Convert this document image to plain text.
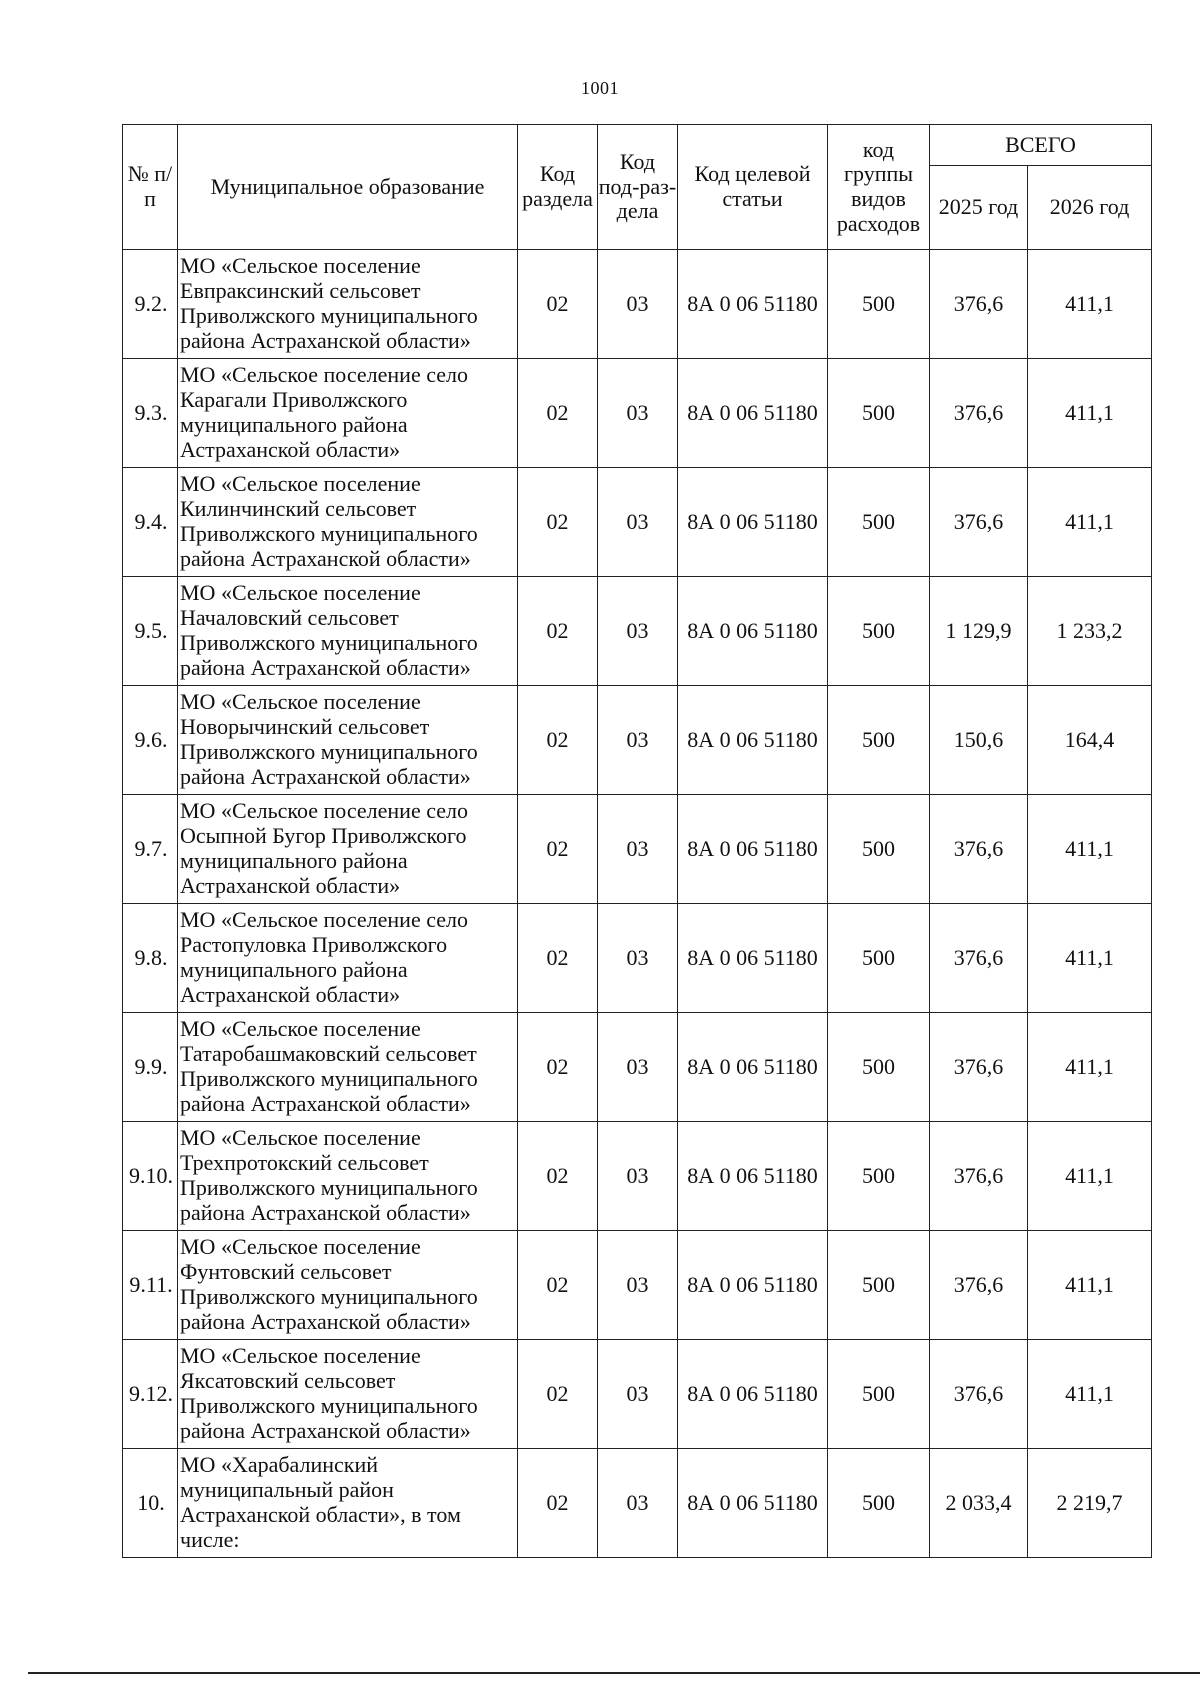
1001
№ п/п	Муниципальное образование	Код раздела	Код под-раз-дела	Код целевой статьи	код группы видов расходов	ВСЕГО	
						2025 год	2026 год
9.2.	МО «Сельское поселение Евпраксинский сельсовет Приволжского муниципального района Астраханской области»	02	03	8А 0 06 51180	500	376,6	411,1
9.3.	МО «Сельское поселение село Карагали Приволжского муниципального района Астраханской области»	02	03	8А 0 06 51180	500	376,6	411,1
9.4.	МО «Сельское поселение Килинчинский сельсовет Приволжского муниципального района Астраханской области»	02	03	8А 0 06 51180	500	376,6	411,1
9.5.	МО «Сельское поселение Началовский сельсовет Приволжского муниципального района Астраханской области»	02	03	8А 0 06 51180	500	1 129,9	1 233,2
9.6.	МО «Сельское поселение Новорычинский сельсовет Приволжского муниципального района Астраханской области»	02	03	8А 0 06 51180	500	150,6	164,4
9.7.	МО «Сельское поселение село Осыпной Бугор Приволжского муниципального района Астраханской области»	02	03	8А 0 06 51180	500	376,6	411,1
9.8.	МО «Сельское поселение село Растопуловка Приволжского муниципального района Астраханской области»	02	03	8А 0 06 51180	500	376,6	411,1
9.9.	МО «Сельское поселение Татаробашмаковский сельсовет Приволжского муниципального района Астраханской области»	02	03	8А 0 06 51180	500	376,6	411,1
9.10.	МО «Сельское поселение Трехпротокский сельсовет Приволжского муниципального района Астраханской области»	02	03	8А 0 06 51180	500	376,6	411,1
9.11.	МО «Сельское поселение Фунтовский сельсовет Приволжского муниципального района Астраханской области»	02	03	8А 0 06 51180	500	376,6	411,1
9.12.	МО «Сельское поселение Яксатовский сельсовет Приволжского муниципального района Астраханской области»	02	03	8А 0 06 51180	500	376,6	411,1
10.	МО «Харабалинский муниципальный район Астраханской области», в том числе:	02	03	8А 0 06 51180	500	2 033,4	2 219,7
